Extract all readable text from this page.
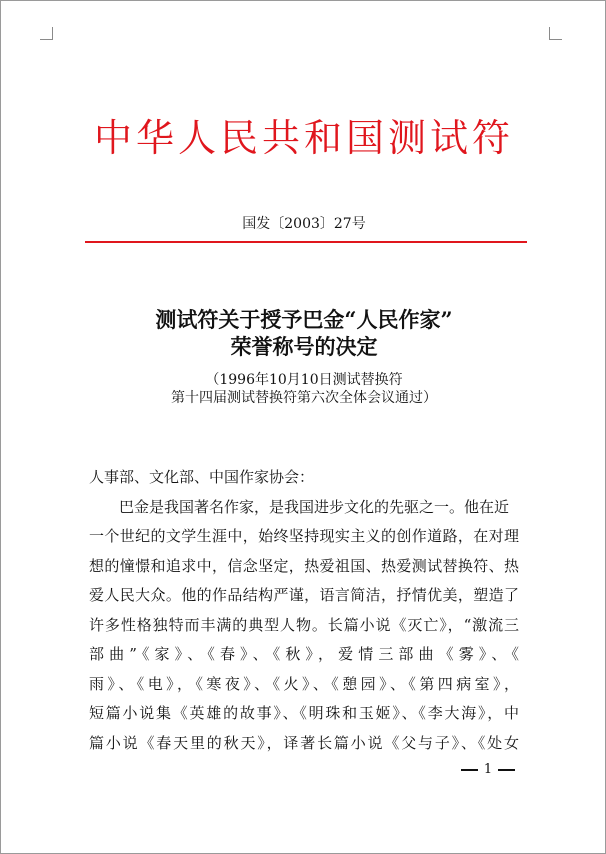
中华人民共和国测试符
国发〔2003〕27号
测试符关于授予巴金“人民作家”
荣誉称号的决定
（1996年10月10日测试替换符
第十四届测试替换符第六次全体会议通过）
人事部、文化部、中国作家协会：
　　巴金是我国著名作家，是我国进步文化的先驱之一。他在近
一个世纪的文学生涯中，始终坚持现实主义的创作道路，在对理
想的憧憬和追求中，信念坚定，热爱祖国、热爱测试替换符、热
爱人民大众。他的作品结构严谨，语言简洁，抒情优美，塑造了
许多性格独特而丰满的典型人物。长篇小说《灭亡》，“激流三
部曲”《家》、《春》、《秋》，爱情三部曲《雾》、《
雨》、《电》，《寒夜》、《火》、《憩园》、《第四病室》，
短篇小说集《英雄的故事》、《明珠和玉姬》、《李大海》，中
篇小说《春天里的秋天》，译著长篇小说《父与子》、《处女
1
